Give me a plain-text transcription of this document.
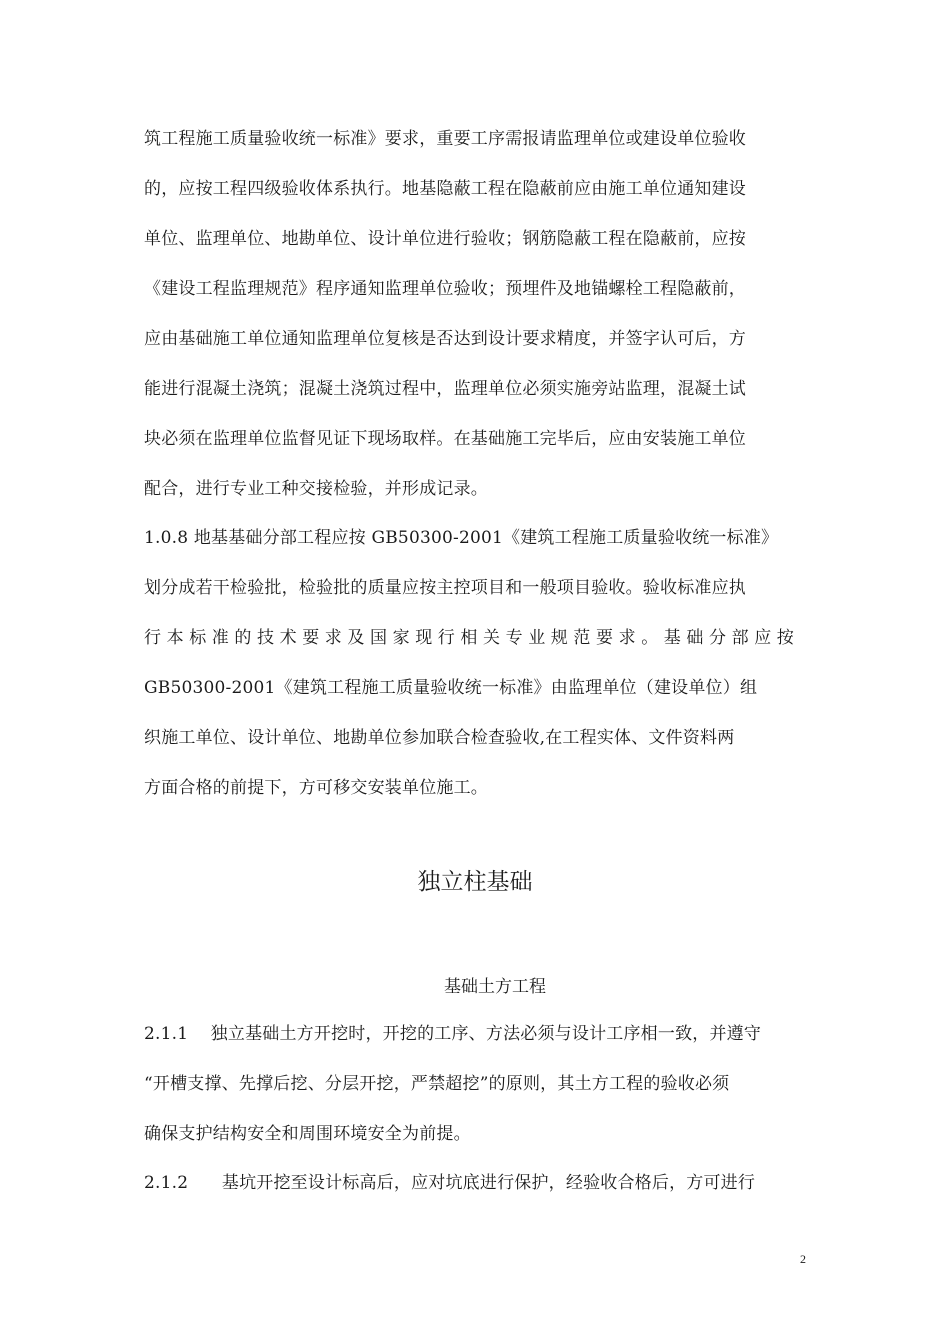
筑工程施工质量验收统一标准》要求，重要工序需报请监理单位或建设单位验收
的，应按工程四级验收体系执行。地基隐蔽工程在隐蔽前应由施工单位通知建设
单位、监理单位、地勘单位、设计单位进行验收；钢筋隐蔽工程在隐蔽前，应按
《建设工程监理规范》程序通知监理单位验收；预埋件及地锚螺栓工程隐蔽前，
应由基础施工单位通知监理单位复核是否达到设计要求精度，并签字认可后，方
能进行混凝土浇筑；混凝土浇筑过程中，监理单位必须实施旁站监理，混凝土试
块必须在监理单位监督见证下现场取样。在基础施工完毕后，应由安装施工单位
配合，进行专业工种交接检验，并形成记录。
1.0.8 地基基础分部工程应按 GB50300-2001《建筑工程施工质量验收统一标准》
划分成若干检验批，检验批的质量应按主控项目和一般项目验收。验收标准应执
行本标准的技术要求及国家现行相关专业规范要求。基础分部应按
GB50300-2001《建筑工程施工质量验收统一标准》由监理单位（建设单位）组
织施工单位、设计单位、地勘单位参加联合检查验收,在工程实体、文件资料两
方面合格的前提下，方可移交安装单位施工。
独立柱基础
基础土方工程
2.1.1    独立基础土方开挖时，开挖的工序、方法必须与设计工序相一致，并遵守
“开槽支撑、先撑后挖、分层开挖，严禁超挖”的原则，其土方工程的验收必须
确保支护结构安全和周围环境安全为前提。
2.1.2      基坑开挖至设计标高后，应对坑底进行保护，经验收合格后，方可进行
2
